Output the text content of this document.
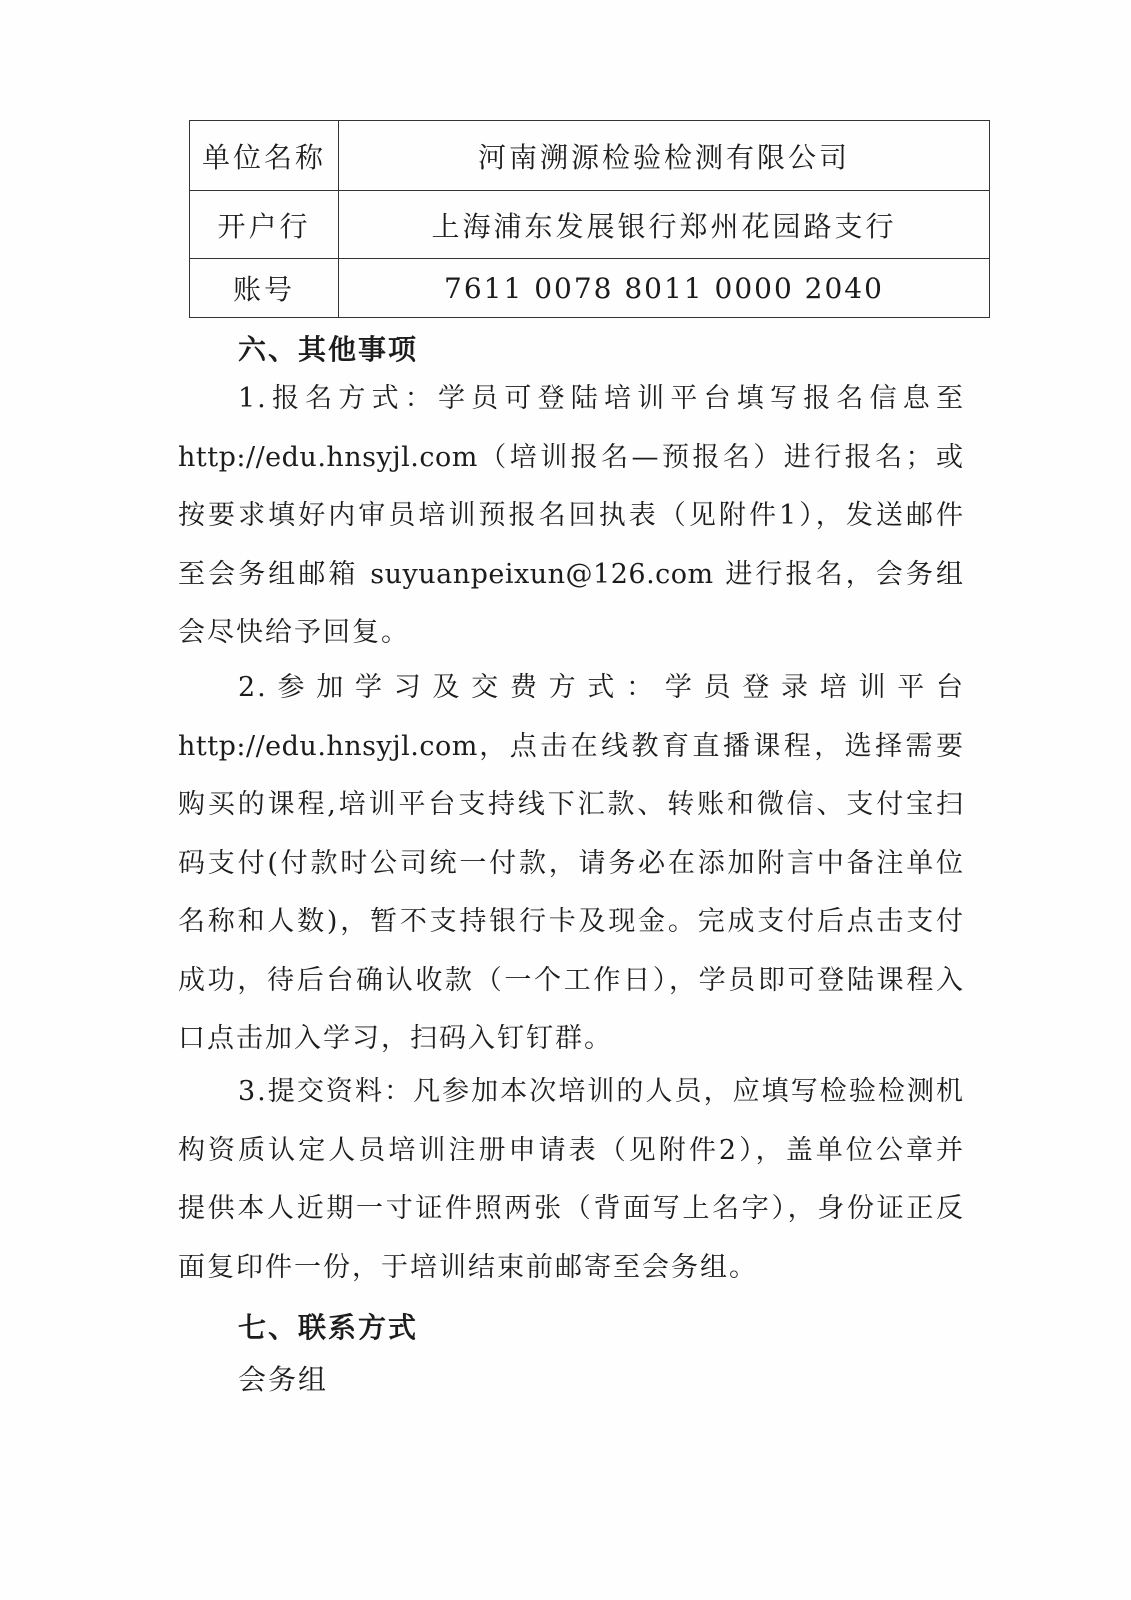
单位名称	河南溯源检验检测有限公司
开户行	上海浦东发展银行郑州花园路支行
账号	7611 0078 8011 0000 2040
六、其他事项

1.报名方式：学员可登陆培训平台填写报名信息至http://edu.hnsyjl.com（培训报名—预报名）进行报名；或按要求填好内审员培训预报名回执表（见附件1），发送邮件至会务组邮箱 suyuanpeixun@126.com 进行报名，会务组会尽快给予回复。

2.参加学习及交费方式：学员登录培训平台http://edu.hnsyjl.com，点击在线教育直播课程，选择需要购买的课程,培训平台支持线下汇款、转账和微信、支付宝扫码支付(付款时公司统一付款，请务必在添加附言中备注单位名称和人数)，暂不支持银行卡及现金。完成支付后点击支付成功，待后台确认收款（一个工作日），学员即可登陆课程入口点击加入学习，扫码入钉钉群。

3.提交资料：凡参加本次培训的人员，应填写检验检测机构资质认定人员培训注册申请表（见附件2），盖单位公章并提供本人近期一寸证件照两张（背面写上名字），身份证正反面复印件一份，于培训结束前邮寄至会务组。

七、联系方式
会务组
